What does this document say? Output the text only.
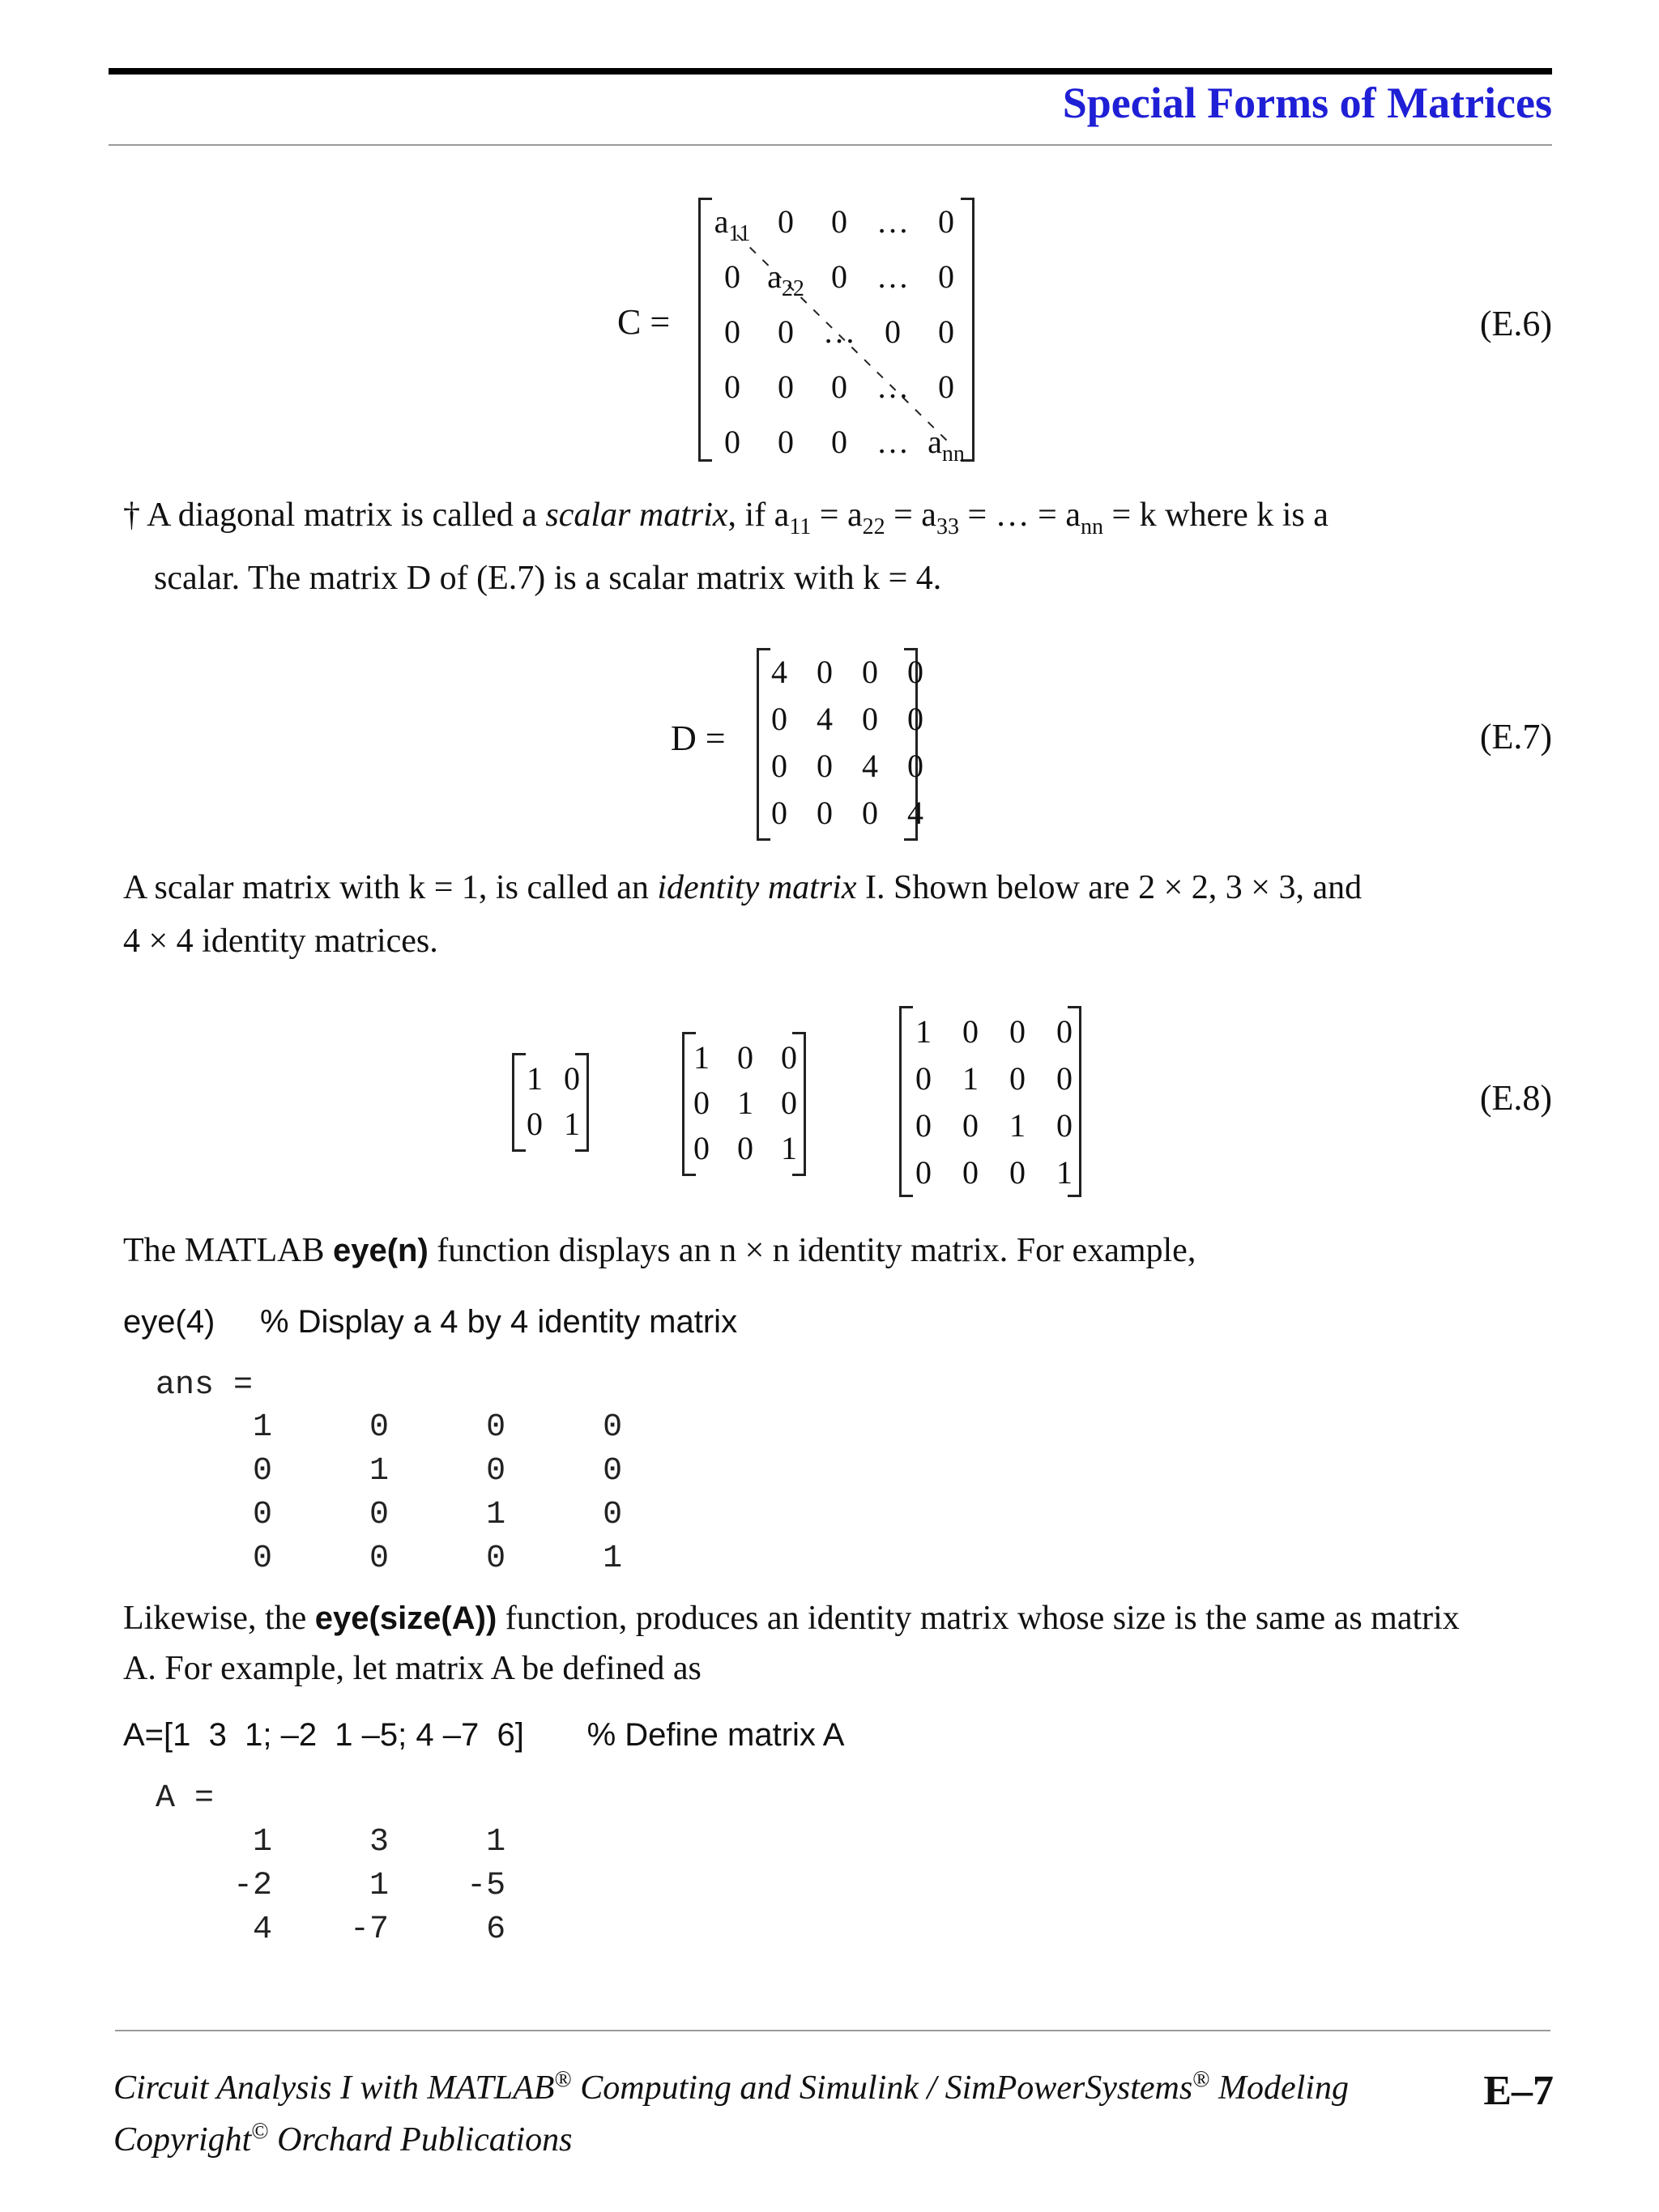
Special Forms of Matrices
C =
$a_{11}$ 0	0 … 0
0 $a_{22}$ 0 … 0
0	0 … 0	0
0	0	0 … 0
0	0	0 … $a_{nn}$
(E.6)
† A diagonal matrix is called a scalar matrix, if $a_{11} = a_{22} = a_{33}$ = … = $a_{nn} = k$ where k is a
scalar. The matrix D of (E.7) is a scalar matrix with k = 4.
D =
4 0 0 0
0 4 0 0
0 0 4 0
0 0 0 4
(E.7)
A scalar matrix with k = 1, is called an identity matrix I. Shown below are 2 × 2, 3 × 3, and
4 × 4 identity matrices.
1 0
0 1
1 0 0
0 1 0
0 0 1
1 0 0 0
0 1 0 0
0 0 1 0
0 0 0 1
(E.8)
The MATLAB eye(n) function displays an n × n identity matrix. For example,
eye(4)     % Display a 4 by 4 identity matrix
ans =
1     0     0     0
0     1     0     0
0     0     1     0
0     0     0     1
Likewise, the eye(size(A)) function, produces an identity matrix whose size is the same as matrix
A. For example, let matrix A be defined as
A=[1  3  1; –2  1 –5; 4 –7  6]       % Define matrix A
A =
1     3     1
-2     1    -5
4    -7     6
Circuit Analysis I with MATLAB® Computing and Simulink / SimPowerSystems® Modeling
Copyright© Orchard Publications
E–7
